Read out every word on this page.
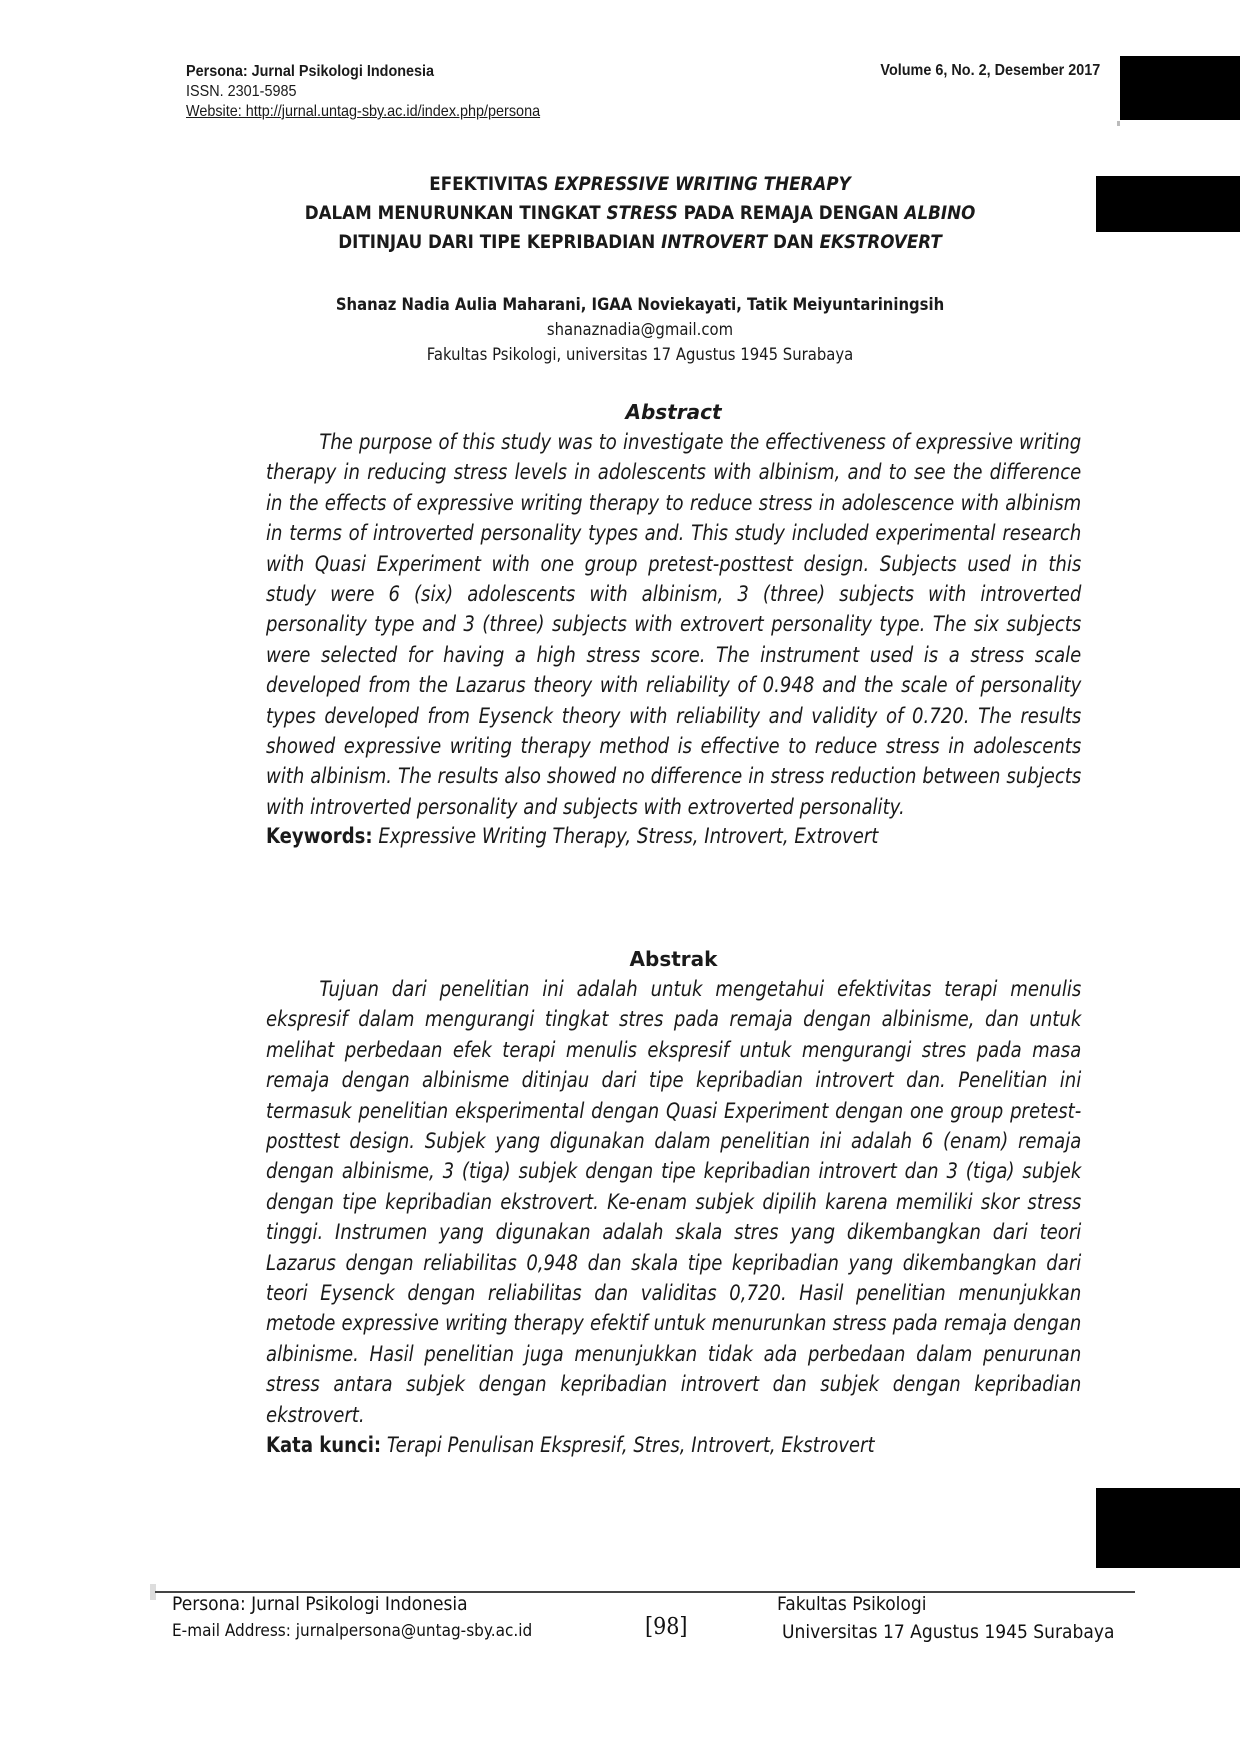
Persona: Jurnal Psikologi Indonesia
ISSN. 2301-5985
Website: http://jurnal.untag-sby.ac.id/index.php/persona
Volume 6, No. 2, Desember 2017
EFEKTIVITAS EXPRESSIVE WRITING THERAPY
DALAM MENURUNKAN TINGKAT STRESS PADA REMAJA DENGAN ALBINO
DITINJAU DARI TIPE KEPRIBADIAN INTROVERT DAN EKSTROVERT
Shanaz Nadia Aulia Maharani, IGAA Noviekayati, Tatik Meiyuntariningsih
shanaznadia@gmail.com
Fakultas Psikologi, universitas 17 Agustus 1945 Surabaya
Abstract
The purpose of this study was to investigate the effectiveness of expressive writing therapy in reducing stress levels in adolescents with albinism, and to see the difference in the effects of expressive writing therapy to reduce stress in adolescence with albinism in terms of introverted personality types and. This study included experimental research with Quasi Experiment with one group pretest-posttest design. Subjects used in this study were 6 (six) adolescents with albinism, 3 (three) subjects with introverted personality type and 3 (three) subjects with extrovert personality type. The six subjects were selected for having a high stress score. The instrument used is a stress scale developed from the Lazarus theory with reliability of 0.948 and the scale of personality types developed from Eysenck theory with reliability and validity of 0.720. The results showed expressive writing therapy method is effective to reduce stress in adolescents with albinism. The results also showed no difference in stress reduction between subjects with introverted personality and subjects with extroverted personality.
Keywords: Expressive Writing Therapy, Stress, Introvert, Extrovert
Abstrak
Tujuan dari penelitian ini adalah untuk mengetahui efektivitas terapi menulis ekspresif dalam mengurangi tingkat stres pada remaja dengan albinisme, dan untuk melihat perbedaan efek terapi menulis ekspresif untuk mengurangi stres pada masa remaja dengan albinisme ditinjau dari tipe kepribadian introvert dan. Penelitian ini termasuk penelitian eksperimental dengan Quasi Experiment dengan one group pretest-posttest design. Subjek yang digunakan dalam penelitian ini adalah 6 (enam) remaja dengan albinisme, 3 (tiga) subjek dengan tipe kepribadian introvert dan 3 (tiga) subjek dengan tipe kepribadian ekstrovert. Ke-enam subjek dipilih karena memiliki skor stress tinggi. Instrumen yang digunakan adalah skala stres yang dikembangkan dari teori Lazarus dengan reliabilitas 0,948 dan skala tipe kepribadian yang dikembangkan dari teori Eysenck dengan reliabilitas dan validitas 0,720. Hasil penelitian menunjukkan metode expressive writing therapy efektif untuk menurunkan stress pada remaja dengan albinisme. Hasil penelitian juga menunjukkan tidak ada perbedaan dalam penurunan stress antara subjek dengan kepribadian introvert dan subjek dengan kepribadian ekstrovert.
Kata kunci: Terapi Penulisan Ekspresif, Stres, Introvert, Ekstrovert
Persona: Jurnal Psikologi Indonesia
E-mail Address: jurnalpersona@untag-sby.ac.id	[98]
Fakultas Psikologi
Universitas 17 Agustus 1945 Surabaya
